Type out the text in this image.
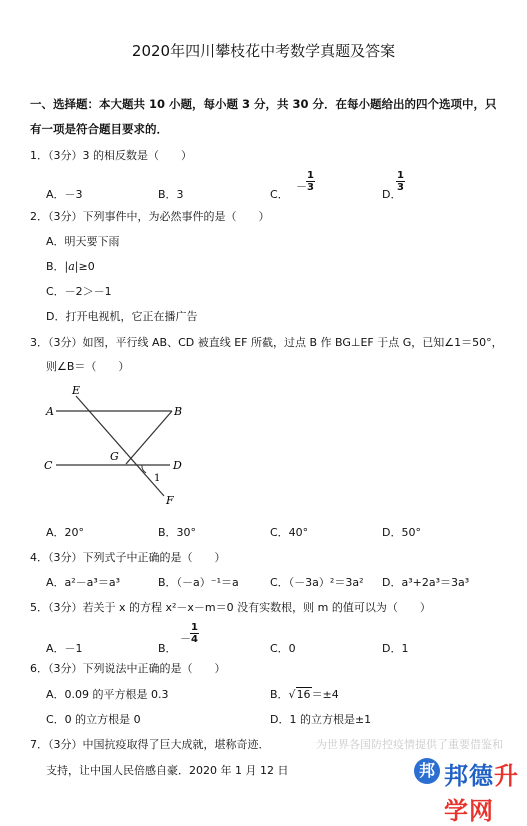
2020年四川攀枝花中考数学真题及答案
一、选择题：本大题共 10 小题，每小题 3 分，共 30 分．在每小题给出的四个选项中，只
有一项是符合题目要求的．
1．（3分）3 的相反数是（　　）
A．－3	B．3	C．
－ $\frac{1}{3}$
D．
$\frac{1}{3}$
2．（3分）下列事件中，为必然事件的是（　　）
A．明天要下雨
B．|a|≥0
C．－2＞－1
D．打开电视机，它正在播广告
3．（3分）如图，平行线 AB、CD 被直线 EF 所截，过点 B 作 BG⊥EF 于点 G，已知∠1＝50°，
则∠B＝（　　）
E
A	B
G
C	D
F
1
A．20°	B．30°	C．40°	D．50°
4．（3分）下列式子中正确的是（　　）
A．a²－a³＝a³	B．（－a）⁻¹＝a	C．（－3a）²＝3a² D．a³+2a³＝3a³
5．（3分）若关于 x 的方程 x²－x－m＝0 没有实数根，则 m 的值可以为（　　）
A．－1	B．
－ $\frac{1}{4}$
C．0	D．1
6．（3分）下列说法中正确的是（　　）
A．0.09 的平方根是 0.3	B．√16＝±4
C．0 的立方根是 0	D．1 的立方根是±1
7．（3分）中国抗疫取得了巨大成就，堪称奇迹．
支持，让中国人民倍感自豪．2020 年 1 月 12 日
为世界各国防控疫情提供了重要借鉴和
邦 邦德升学网
